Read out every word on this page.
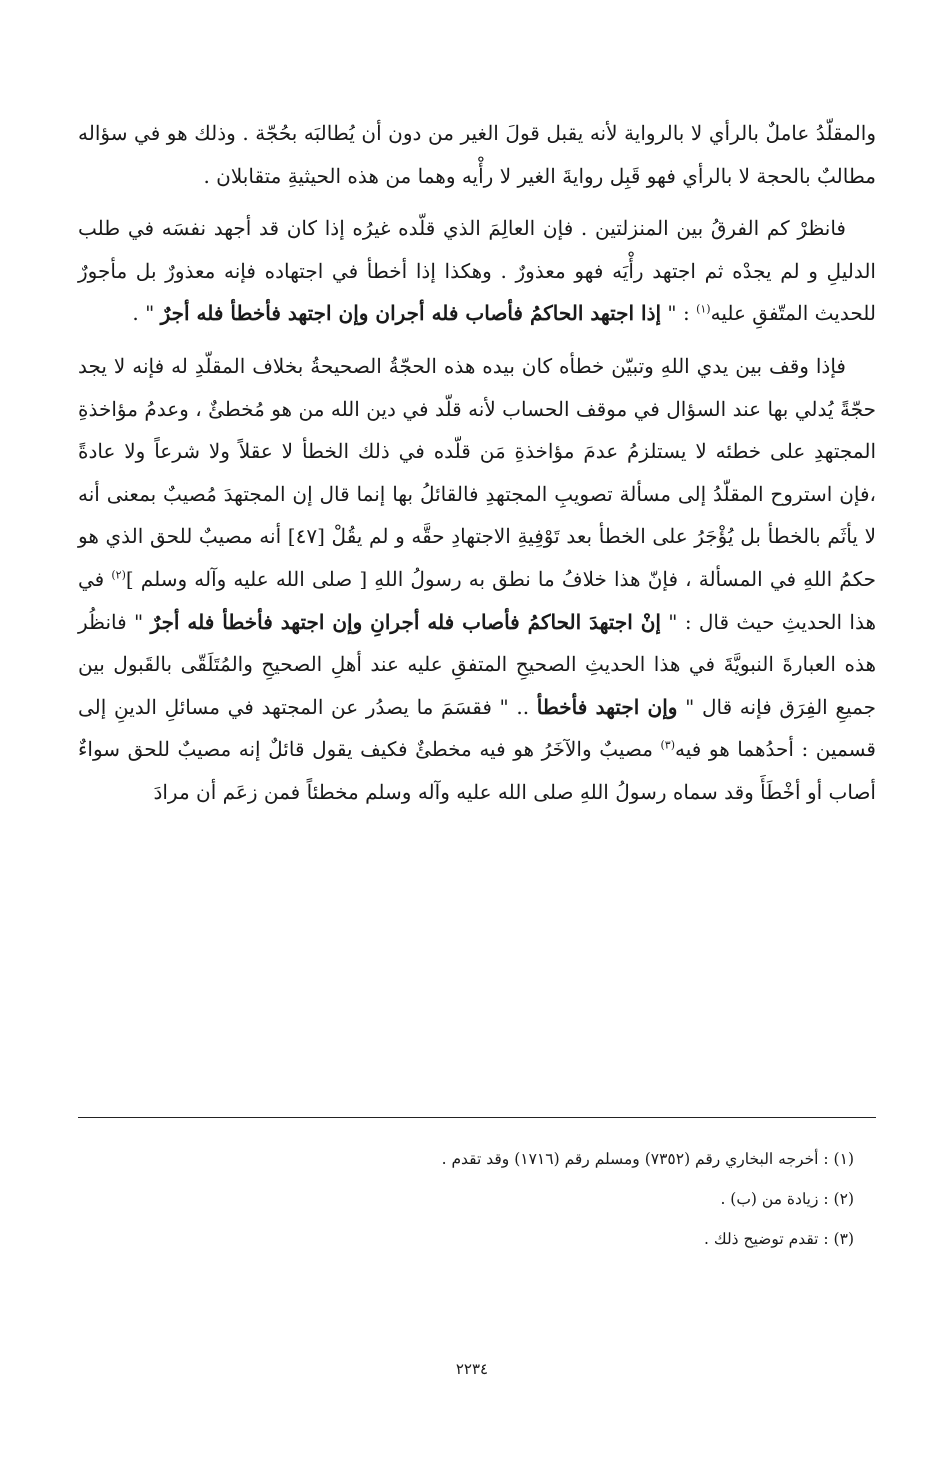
والمقلّدُ عاملٌ بالرأي لا بالرواية لأنه يقبل قولَ الغير من دون أن يُطالبَه بحُجّة . وذلك هو في سؤاله مطالبٌ بالحجة لا بالرأي فهو قَبِل روايةَ الغير لا رأْيه وهما من هذه الحيثيةِ متقابلان .

فانظرْ كم الفرقُ بين المنزلتين . فإن العالِمَ الذي قلّده غيرُه إذا كان قد أجهد نفسَه في طلب الدليلِ و لم يجدْه ثم اجتهد رأْيَه فهو معذورٌ . وهكذا إذا أخطأ في اجتهاده فإنه معذورٌ بل مأجورٌ للحديث المتّفقِ عليه$^{(١)}$ : " إذا اجتهد الحاكمُ فأصاب فله أجران وإن اجتهد فأخطأ فله أجرٌ " .

فإذا وقف بين يدي اللهِ وتبيّن خطأه كان بيده هذه الحجّةُ الصحيحةُ بخلاف المقلّدِ له فإنه لا يجد حجّةً يُدلي بها عند السؤال في موقف الحساب لأنه قلّد في دين الله من هو مُخطئٌ ، وعدمُ مؤاخذةِ المجتهدِ على خطئه لا يستلزمُ عدمَ مؤاخذةِ مَن قلّده في ذلك الخطأ لا عقلاً ولا شرعاً ولا عادةً ،فإن استروح المقلّدُ إلى مسألة تصويبِ المجتهدِ فالقائلُ بها إنما قال إن المجتهدَ مُصيبٌ بمعنى أنه لا يأثَم بالخطأ بل يُؤْجَرُ على الخطأ بعد تَوْفِيةِ الاجتهادِ حقَّه و لم يقُلْ [٤٧] أنه مصيبٌ للحق الذي هو حكمُ اللهِ في المسألة ، فإنّ هذا خلافُ ما نطق به رسولُ اللهِ [ صلى الله عليه وآله وسلم ]$^{(٢)}$ في هذا الحديثِ حيث قال : " إنْ اجتهدَ الحاكمُ فأصاب فله أجرانِ وإن اجتهد فأخطأ فله أجرٌ " فانظُر هذه العبارةَ النبويَّةَ في هذا الحديثِ الصحيحِ المتفقِ عليه عند أهلِ الصحيحِ والمُتَلَقّى بالقَبول بين جميعِ الفِرَق فإنه قال " وإن اجتهد فأخطأ .. " فقسَمَ ما يصدُر عن المجتهد في مسائلِ الدينِ إلى قسمين : أحدُهما هو فيه$^{(٣)}$ مصيبٌ والآخَرُ هو فيه مخطئٌ فكيف يقول قائلٌ إنه مصيبٌ للحق سواءٌ أصاب أو أخْطَأَ وقد سماه رسولُ اللهِ صلى الله عليه وآله وسلم مخطئاً فمن زعَم أن مرادَ

(١) : أخرجه البخاري رقم (٧٣٥٢) ومسلم رقم (١٧١٦) وقد تقدم .

(٢) : زيادة من (ب) .

(٣) : تقدم توضيح ذلك .

٢٢٣٤
